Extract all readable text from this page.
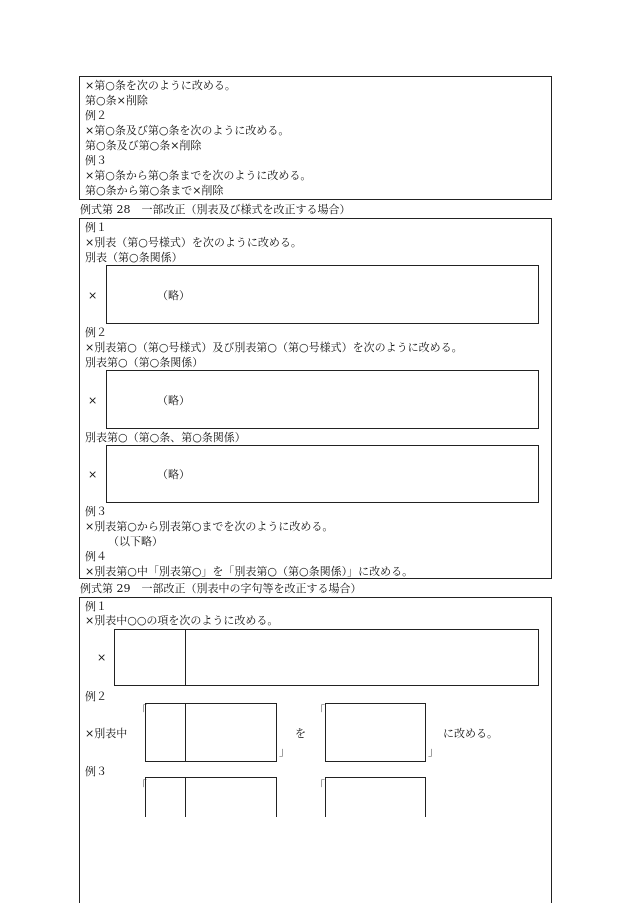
×第○条を次のように改める。
第○条×削除
例２
×第○条及び第○条を次のように改める。
第○条及び第○条×削除
例３
×第○条から第○条までを次のように改める。
第○条から第○条まで×削除
例式第 28　一部改正（別表及び様式を改正する場合）
例１
×別表（第○号様式）を次のように改める。
別表（第○条関係）
×	（略）
例２
×別表第○（第○号様式）及び別表第○（第○号様式）を次のように改める。
別表第○（第○条関係）
×	（略）
別表第○（第○条、第○条関係）
×	（略）
例３
×別表第○から別表第○までを次のように改める。
（以下略）
例４
×別表第○中「別表第○」を「別表第○（第○条関係）」に改める。
例式第 29　一部改正（別表中の字句等を改正する場合）
例１
×別表中○○の項を次のように改める。
×
例２
×別表中
「
」
を
「
」
に改める。
例３
「	「
